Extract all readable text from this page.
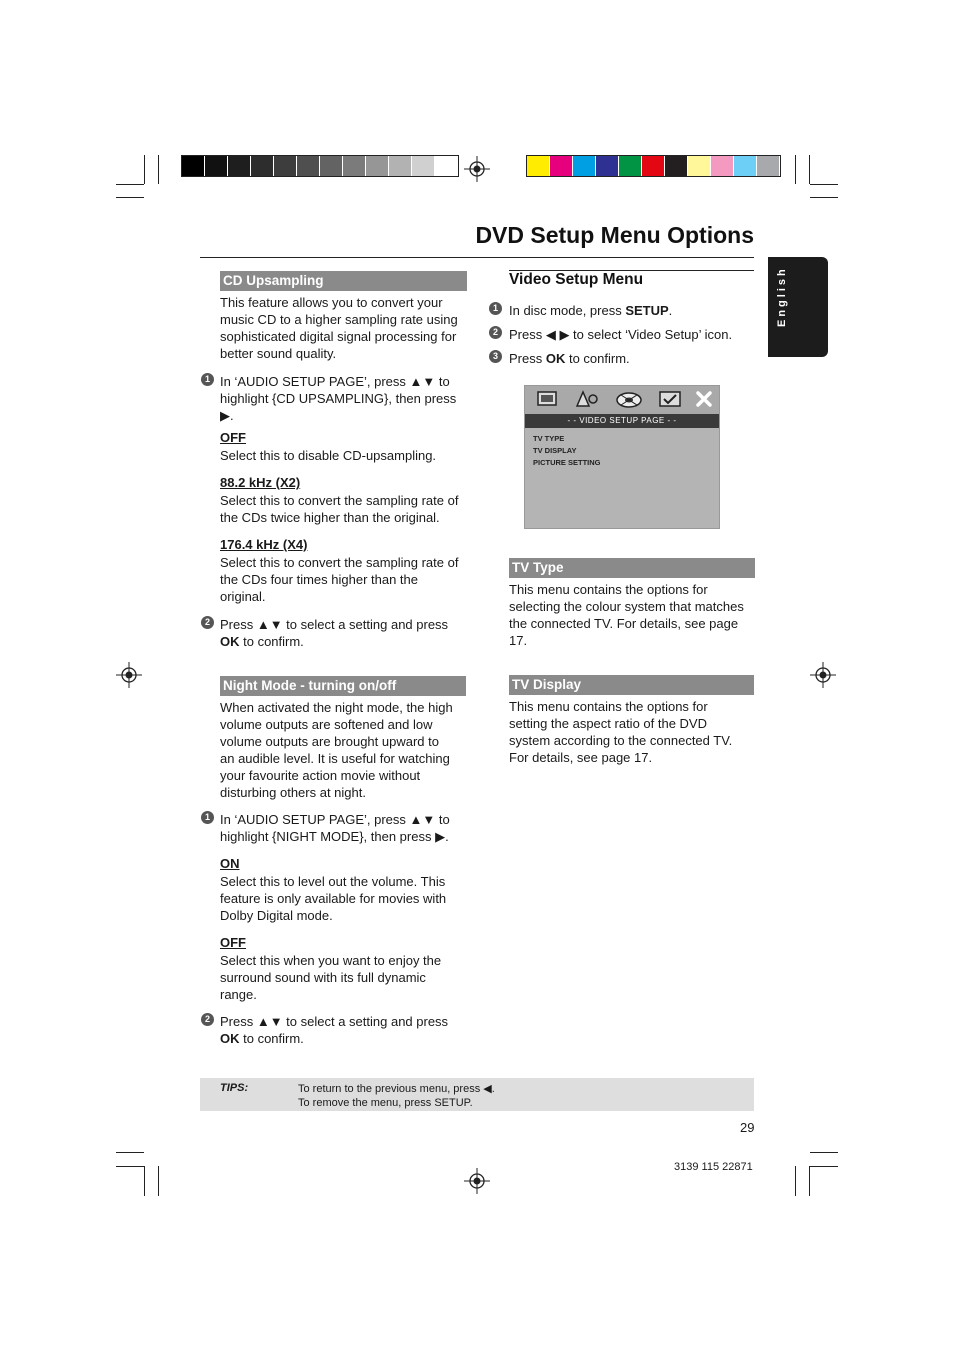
DVD Setup Menu Options
English
CD Upsampling
This feature allows you to convert your
music CD to a higher sampling rate using
sophisticated digital signal processing for
better sound quality.
1 In ‘AUDIO SETUP PAGE’, press ▲▼ to
highlight {CD UPSAMPLING}, then press
▶.
OFF
Select this to disable CD-upsampling.
88.2 kHz (X2)
Select this to convert the sampling rate of
the CDs twice higher than the original.
176.4 kHz (X4)
Select this to convert the sampling rate of
the CDs four times higher than the
original.
2 Press ▲▼ to select a setting and press
OK to confirm.
Night Mode - turning on/off
When activated the night mode, the high
volume outputs are softened and low
volume outputs are brought upward to
an audible level. It is useful for watching
your favourite action movie without
disturbing others at night.
1 In ‘AUDIO SETUP PAGE’, press ▲▼ to
highlight {NIGHT MODE}, then press ▶.
ON
Select this to level out the volume. This
feature is only available for movies with
Dolby Digital mode.
OFF
Select this when you want to enjoy the
surround sound with its full dynamic
range.
2 Press ▲▼ to select a setting and press
OK to confirm.
Video Setup Menu
1 In disc mode, press SETUP.
2 Press ◀ ▶ to select ‘Video Setup’ icon.
3 Press OK to confirm.
- - VIDEO SETUP PAGE - -
TV TYPE
TV DISPLAY
PICTURE SETTING
TV Type
This menu contains the options for
selecting the colour system that matches
the connected TV. For details, see page
17.
TV Display
This menu contains the options for
setting the aspect ratio of the DVD
system according to the connected TV.
For details, see page 17.
TIPS:	To return to the previous menu, press ◀.
To remove the menu, press SETUP.
29
3139 115 22871
